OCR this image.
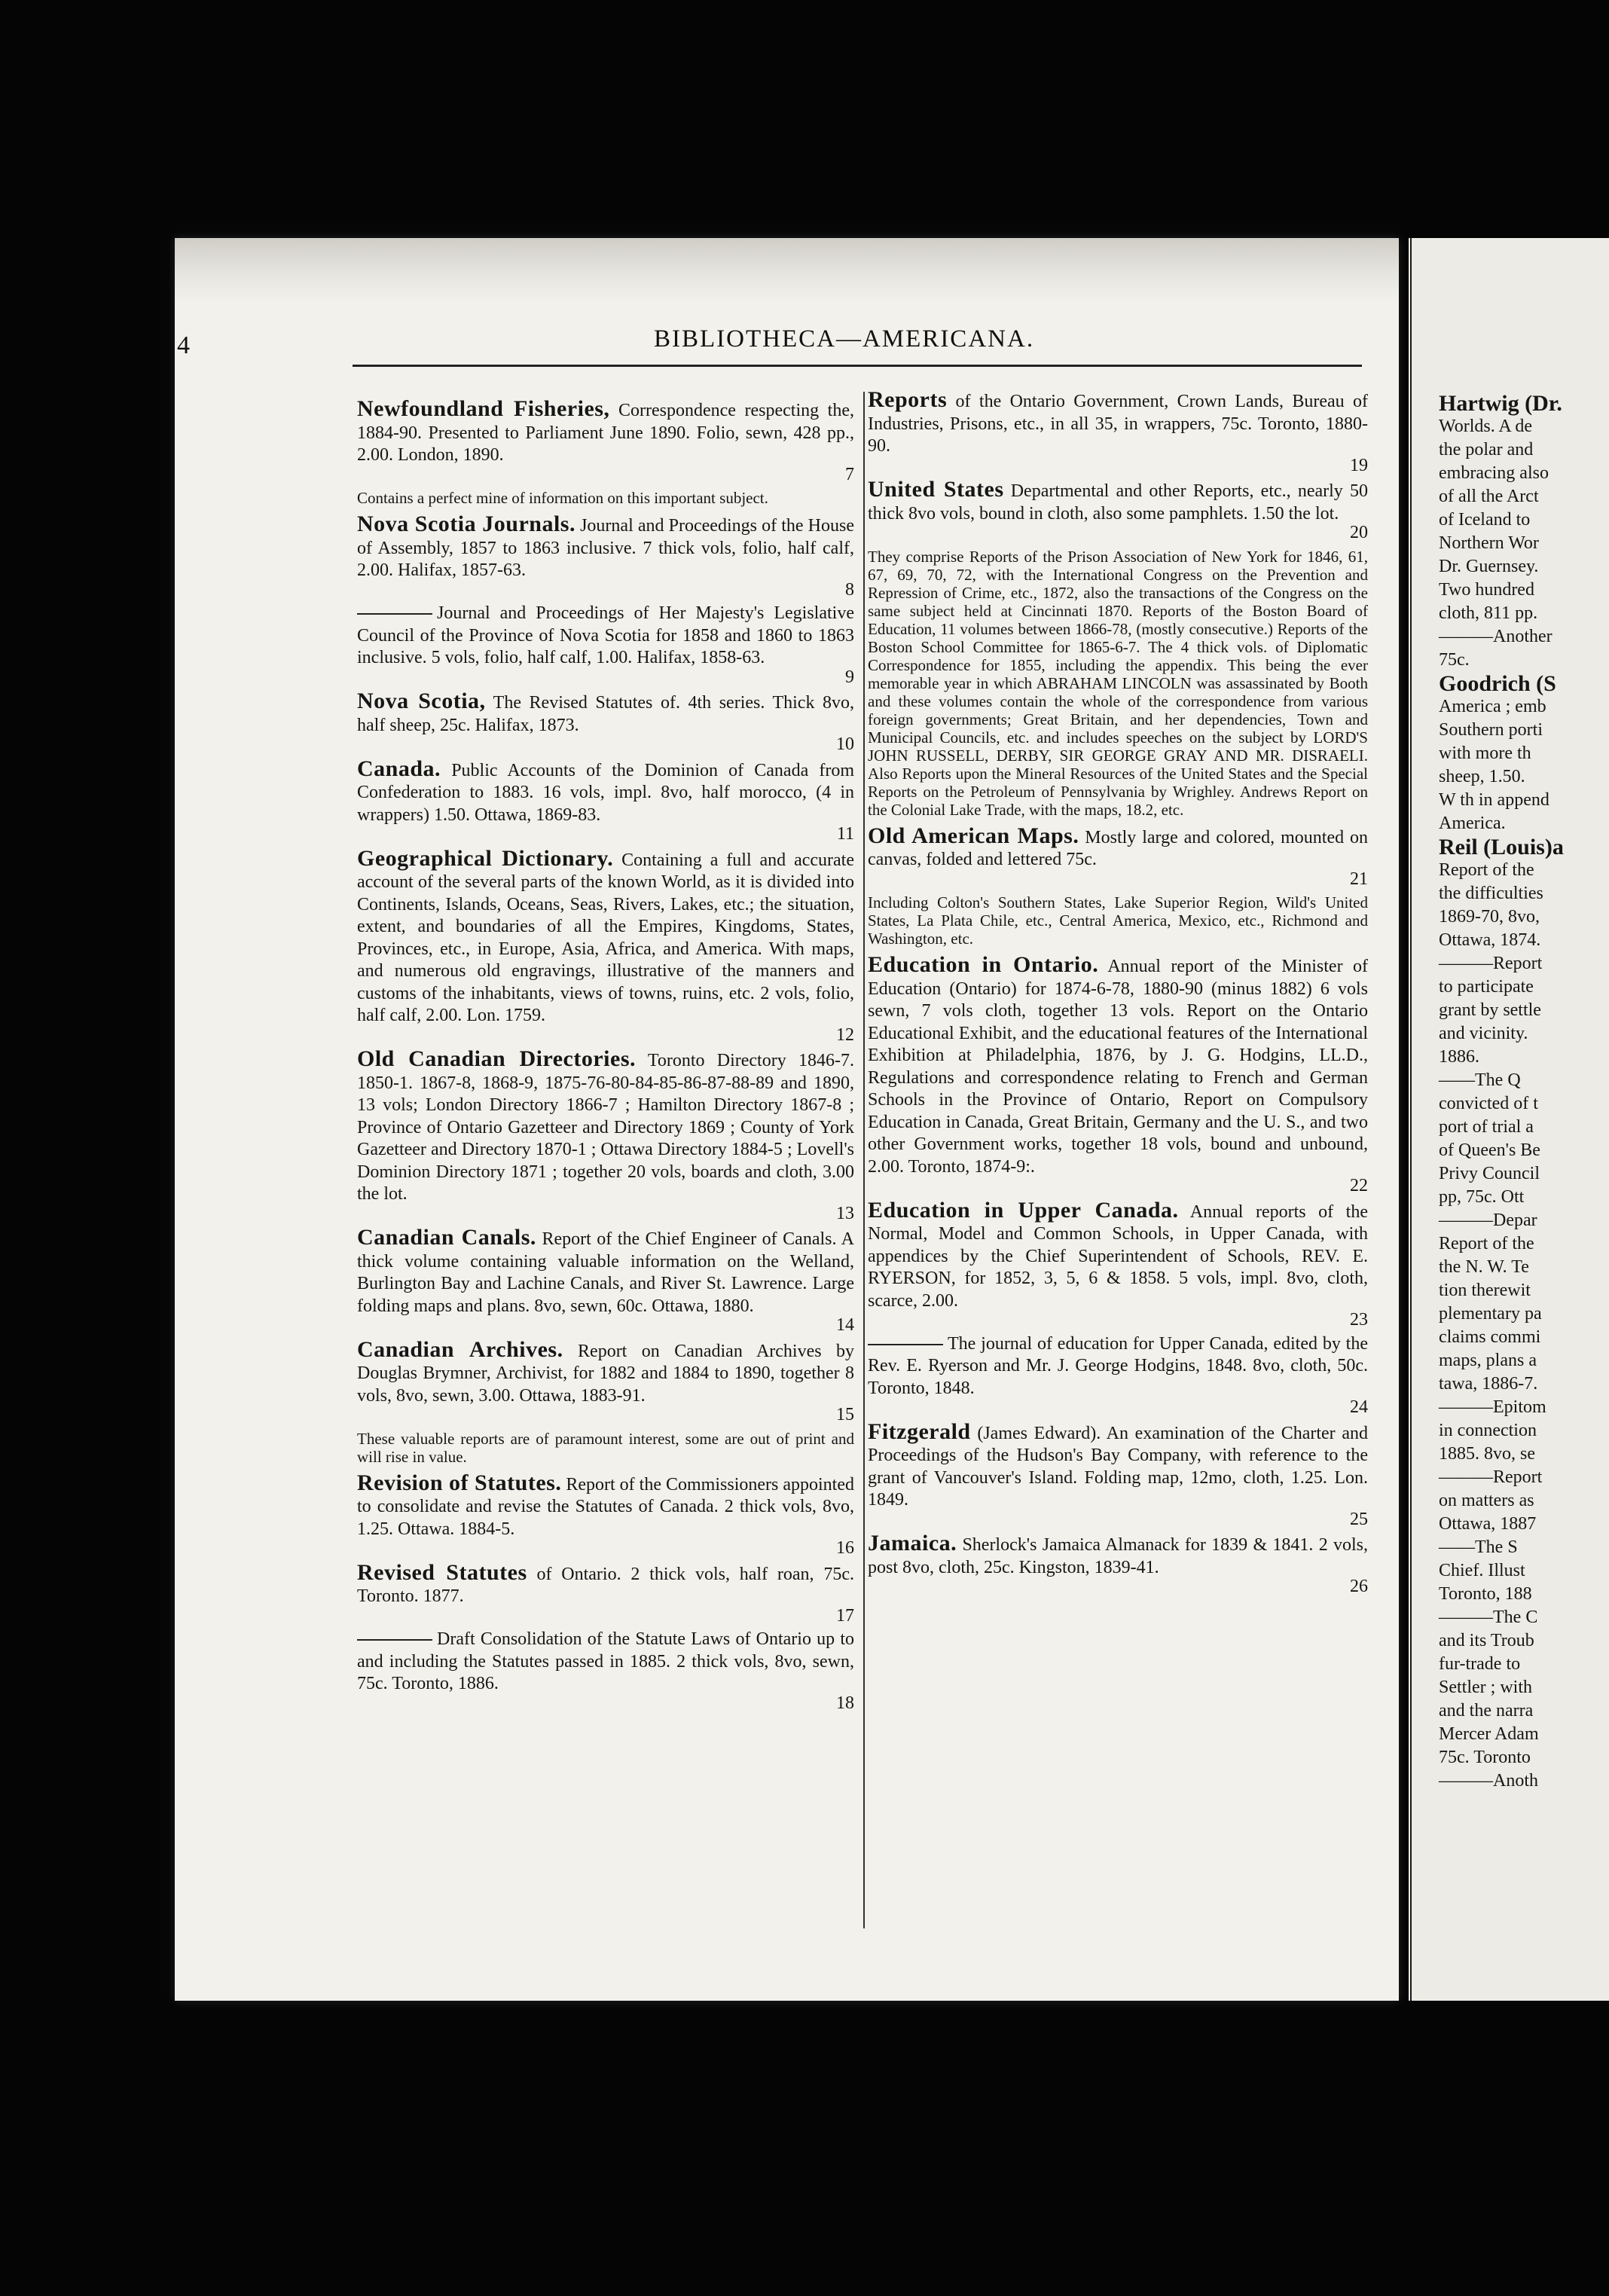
4	BIBLIOTHECA—AMERICANA.
Newfoundland Fisheries, Correspondence respecting the, 1884-90. Presented to Parliament June 1890. Folio, sewn, 428 pp., 2.00. London, 1890.
7
Contains a perfect mine of information on this important subject.
Nova Scotia Journals. Journal and Proceedings of the House of Assembly, 1857 to 1863 inclusive. 7 thick vols, folio, half calf, 2.00. Halifax, 1857-63.
8
Journal and Proceedings of Her Majesty's Legislative Council of the Province of Nova Scotia for 1858 and 1860 to 1863 inclusive. 5 vols, folio, half calf, 1.00. Halifax, 1858-63.
9
Nova Scotia, The Revised Statutes of. 4th series. Thick 8vo, half sheep, 25c. Halifax, 1873.
10
Canada. Public Accounts of the Dominion of Canada from Confederation to 1883. 16 vols, impl. 8vo, half morocco, (4 in wrappers) 1.50. Ottawa, 1869-83.
11
Geographical Dictionary. Containing a full and accurate account of the several parts of the known World, as it is divided into Continents, Islands, Oceans, Seas, Rivers, Lakes, etc.; the situation, extent, and boundaries of all the Empires, Kingdoms, States, Provinces, etc., in Europe, Asia, Africa, and America. With maps, and numerous old engravings, illustrative of the manners and customs of the inhabitants, views of towns, ruins, etc. 2 vols, folio, half calf, 2.00. Lon. 1759.
12
Old Canadian Directories. Toronto Directory 1846-7. 1850-1. 1867-8, 1868-9, 1875-76-80-84-85-86-87-88-89 and 1890, 13 vols; London Directory 1866-7 ; Hamilton Directory 1867-8 ; Province of Ontario Gazetteer and Directory 1869 ; County of York Gazetteer and Directory 1870-1 ; Ottawa Directory 1884-5 ; Lovell's Dominion Directory 1871 ; together 20 vols, boards and cloth, 3.00 the lot.
13
Canadian Canals. Report of the Chief Engineer of Canals. A thick volume containing valuable information on the Welland, Burlington Bay and Lachine Canals, and River St. Lawrence. Large folding maps and plans. 8vo, sewn, 60c. Ottawa, 1880.
14
Canadian Archives. Report on Canadian Archives by Douglas Brymner, Archivist, for 1882 and 1884 to 1890, together 8 vols, 8vo, sewn, 3.00. Ottawa, 1883-91.
15
These valuable reports are of paramount interest, some are out of print and will rise in value.
Revision of Statutes. Report of the Commissioners appointed to consolidate and revise the Statutes of Canada. 2 thick vols, 8vo, 1.25. Ottawa. 1884-5.
16
Revised Statutes of Ontario. 2 thick vols, half roan, 75c. Toronto. 1877.
17
Draft Consolidation of the Statute Laws of Ontario up to and including the Statutes passed in 1885. 2 thick vols, 8vo, sewn, 75c. Toronto, 1886.
18
Reports of the Ontario Government, Crown Lands, Bureau of Industries, Prisons, etc., in all 35, in wrappers, 75c. Toronto, 1880-90.
19
United States Departmental and other Reports, etc., nearly 50 thick 8vo vols, bound in cloth, also some pamphlets. 1.50 the lot.
20
They comprise Reports of the Prison Association of New York for 1846, 61, 67, 69, 70, 72, with the International Congress on the Prevention and Repression of Crime, etc., 1872, also the transactions of the Congress on the same subject held at Cincinnati 1870. Reports of the Boston Board of Education, 11 volumes between 1866-78, (mostly consecutive.) Reports of the Boston School Committee for 1865-6-7. The 4 thick vols. of Diplomatic Correspondence for 1855, including the appendix. This being the ever memorable year in which ABRAHAM LINCOLN was assassinated by Booth and these volumes contain the whole of the correspondence from various foreign governments; Great Britain, and her dependencies, Town and Municipal Councils, etc. and includes speeches on the subject by LORD'S JOHN RUSSELL, DERBY, SIR GEORGE GRAY AND MR. DISRAELI. Also Reports upon the Mineral Resources of the United States and the Special Reports on the Petroleum of Pennsylvania by Wrighley. Andrews Report on the Colonial Lake Trade, with the maps, 18.2, etc.
Old American Maps. Mostly large and colored, mounted on canvas, folded and lettered 75c.
21
Including Colton's Southern States, Lake Superior Region, Wild's United States, La Plata Chile, etc., Central America, Mexico, etc., Richmond and Washington, etc.
Education in Ontario. Annual report of the Minister of Education (Ontario) for 1874-6-78, 1880-90 (minus 1882) 6 vols sewn, 7 vols cloth, together 13 vols. Report on the Ontario Educational Exhibit, and the educational features of the International Exhibition at Philadelphia, 1876, by J. G. Hodgins, LL.D., Regulations and correspondence relating to French and German Schools in the Province of Ontario, Report on Compulsory Education in Canada, Great Britain, Germany and the U. S., and two other Government works, together 18 vols, bound and unbound, 2.00. Toronto, 1874-9:.
22
Education in Upper Canada. Annual reports of the Normal, Model and Common Schools, in Upper Canada, with appendices by the Chief Superintendent of Schools, REV. E. RYERSON, for 1852, 3, 5, 6 & 1858. 5 vols, impl. 8vo, cloth, scarce, 2.00.
23
The journal of education for Upper Canada, edited by the Rev. E. Ryerson and Mr. J. George Hodgins, 1848. 8vo, cloth, 50c. Toronto, 1848.
24
Fitzgerald (James Edward). An examination of the Charter and Proceedings of the Hudson's Bay Company, with reference to the grant of Vancouver's Island. Folding map, 12mo, cloth, 1.25. Lon. 1849.
25
Jamaica. Sherlock's Jamaica Almanack for 1839 & 1841. 2 vols, post 8vo, cloth, 25c. Kingston, 1839-41.
26
Hartwig (Dr.
Worlds. A de
the polar and
embracing also
of all the Arct
of Iceland to
Northern Wor
Dr. Guernsey.
Two hundred
cloth, 811 pp.
———Another
75c.
Goodrich (S
America ; emb
Southern porti
with more th
sheep, 1.50.
W th in append
America.
Reil (Louis)a
Report of the
the difficulties
1869-70, 8vo,
Ottawa, 1874.
———Report
to participate
grant by settle
and vicinity.
1886.
——The Q
convicted of t
port of trial a
of Queen's Be
Privy Council
pp, 75c. Ott
———Depar
Report of the
the N. W. Te
tion therewit
plementary pa
claims commi
maps, plans a
tawa, 1886-7.
———Epitom
in connection
1885. 8vo, se
———Report
on matters as
Ottawa, 1887
——The S
Chief. Illust
Toronto, 188
———The C
and its Troub
fur-trade to
Settler ; with
and the narra
Mercer Adam
75c. Toronto
———Anoth
